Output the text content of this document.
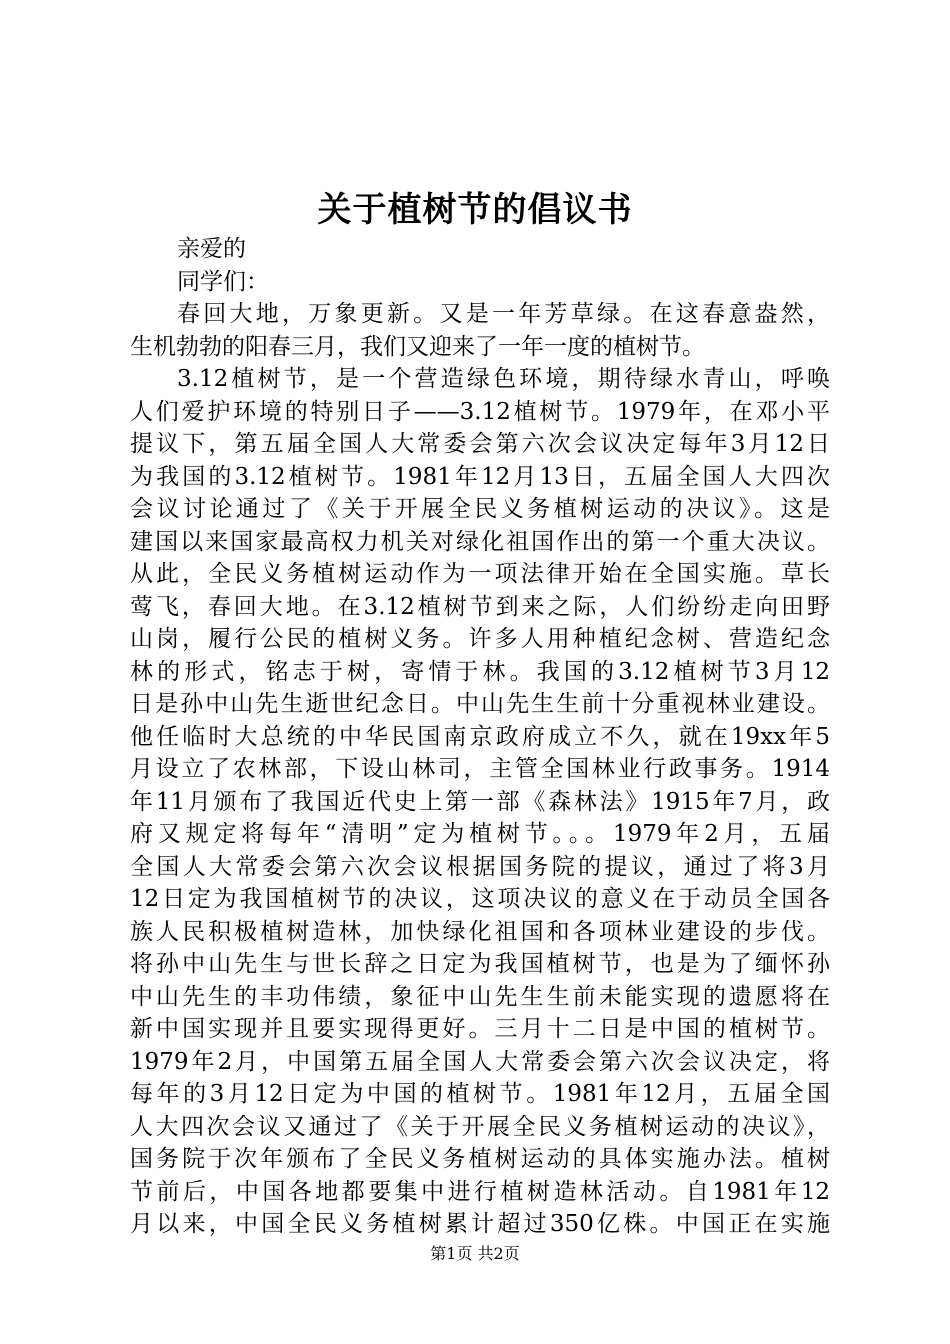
关于植树节的倡议书
亲爱的
同学们：
春回大地，万象更新。又是一年芳草绿。在这春意盎然，
生机勃勃的阳春三月，我们又迎来了一年一度的植树节。
3.12植树节，是一个营造绿色环境，期待绿水青山，呼唤
人们爱护环境的特别日子——3.12植树节。1979年，在邓小平
提议下，第五届全国人大常委会第六次会议决定每年3月12日
为我国的3.12植树节。1981年12月13日，五届全国人大四次
会议讨论通过了《关于开展全民义务植树运动的决议》。这是
建国以来国家最高权力机关对绿化祖国作出的第一个重大决议。
从此，全民义务植树运动作为一项法律开始在全国实施。草长
莺飞，春回大地。在3.12植树节到来之际，人们纷纷走向田野
山岗，履行公民的植树义务。许多人用种植纪念树、营造纪念
林的形式，铭志于树，寄情于林。我国的3.12植树节3月12
日是孙中山先生逝世纪念日。中山先生生前十分重视林业建设。
他任临时大总统的中华民国南京政府成立不久，就在19xx年5
月设立了农林部，下设山林司，主管全国林业行政事务。1914
年11月颁布了我国近代史上第一部《森林法》1915年7月，政
府又规定将每年“清明”定为植树节。。。1979年2月，五届
全国人大常委会第六次会议根据国务院的提议，通过了将3月
12日定为我国植树节的决议，这项决议的意义在于动员全国各
族人民积极植树造林，加快绿化祖国和各项林业建设的步伐。
将孙中山先生与世长辞之日定为我国植树节，也是为了缅怀孙
中山先生的丰功伟绩，象征中山先生生前未能实现的遗愿将在
新中国实现并且要实现得更好。三月十二日是中国的植树节。
1979年2月，中国第五届全国人大常委会第六次会议决定，将
每年的3月12日定为中国的植树节。1981年12月，五届全国
人大四次会议又通过了《关于开展全民义务植树运动的决议》，
国务院于次年颁布了全民义务植树运动的具体实施办法。植树
节前后，中国各地都要集中进行植树造林活动。自1981年12
月以来，中国全民义务植树累计超过350亿株。中国正在实施
第1页 共2页
